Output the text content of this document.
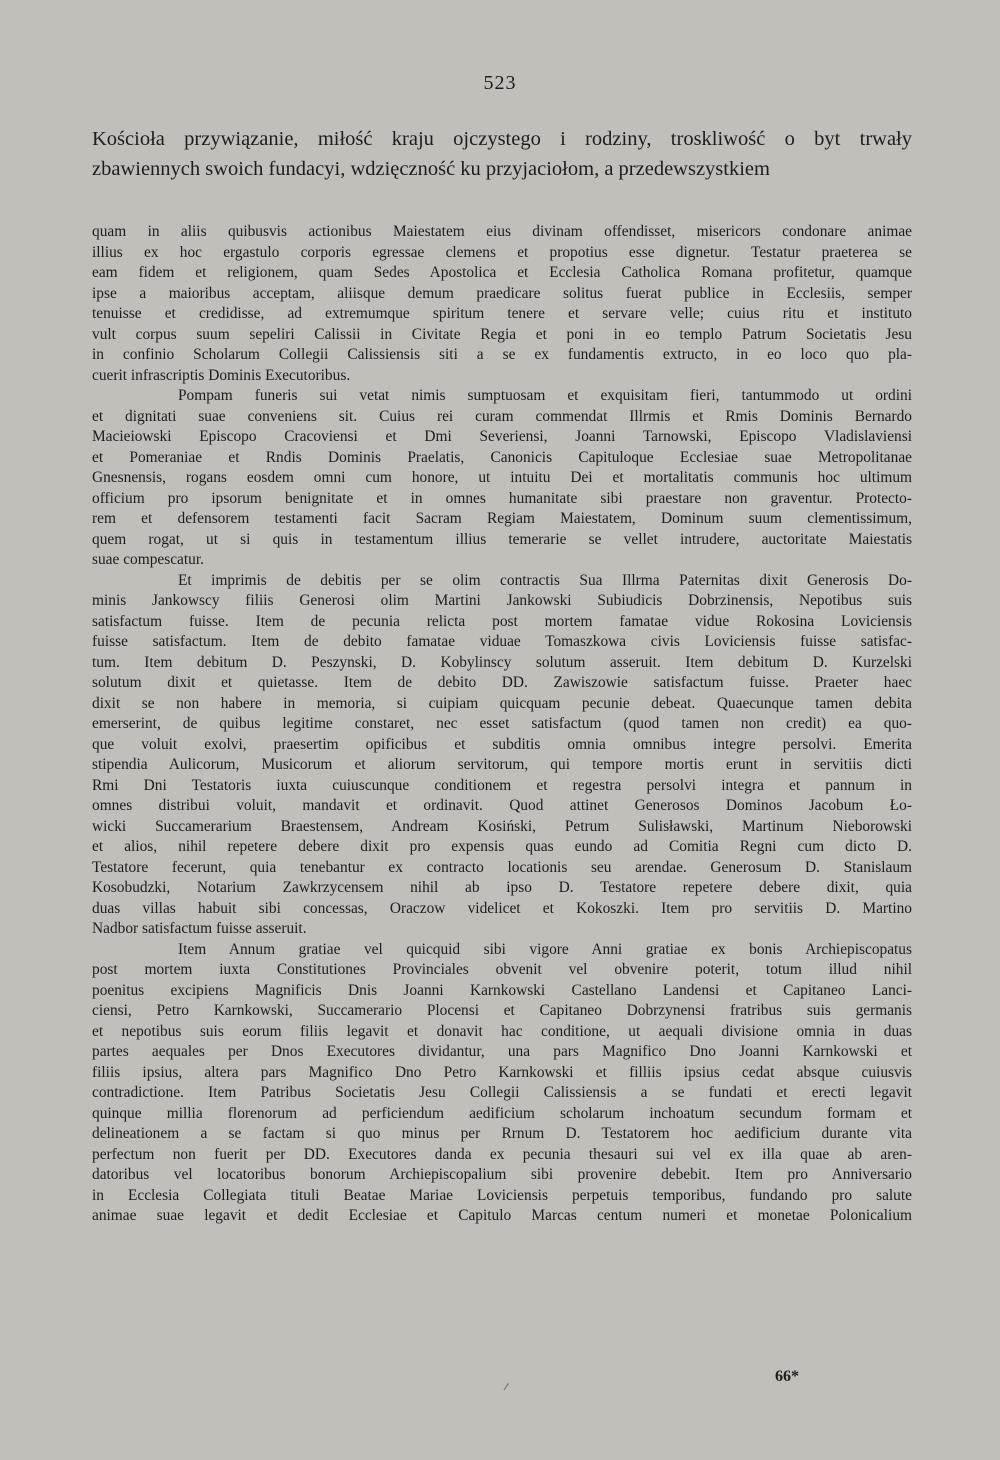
523
Kościoła przywiązanie, miłość kraju ojczystego i rodziny, troskliwość o byt trwały
zbawiennych swoich fundacyi, wdzięczność ku przyjaciołom, a przedewszystkiem
quam in aliis quibusvis actionibus Maiestatem eius divinam offendisset, misericors condonare animae
illius ex hoc ergastulo corporis egressae clemens et propotius esse dignetur. Testatur praeterea se
eam fidem et religionem, quam Sedes Apostolica et Ecclesia Catholica Romana profitetur, quamque
ipse a maioribus acceptam, aliisque demum praedicare solitus fuerat publice in Ecclesiis, semper
tenuisse et credidisse, ad extremumque spiritum tenere et servare velle; cuius ritu et instituto
vult corpus suum sepeliri Calissii in Civitate Regia et poni in eo templo Patrum Societatis Jesu
in confinio Scholarum Collegii Calissiensis siti a se ex fundamentis extructo, in eo loco quo pla-
cuerit infrascriptis Dominis Executoribus.
Pompam funeris sui vetat nimis sumptuosam et exquisitam fieri, tantummodo ut ordini
et dignitati suae conveniens sit. Cuius rei curam commendat Illrmis et Rmis Dominis Bernardo
Macieiowski Episcopo Cracoviensi et Dmi Severiensi, Joanni Tarnowski, Episcopo Vladislaviensi
et Pomeraniae et Rndis Dominis Praelatis, Canonicis Capituloque Ecclesiae suae Metropolitanae
Gnesnensis, rogans eosdem omni cum honore, ut intuitu Dei et mortalitatis communis hoc ultimum
officium pro ipsorum benignitate et in omnes humanitate sibi praestare non graventur. Protecto-
rem et defensorem testamenti facit Sacram Regiam Maiestatem, Dominum suum clementissimum,
quem rogat, ut si quis in testamentum illius temerarie se vellet intrudere, auctoritate Maiestatis
suae compescatur.
Et imprimis de debitis per se olim contractis Sua Illrma Paternitas dixit Generosis Do-
minis Jankowscy filiis Generosi olim Martini Jankowski Subiudicis Dobrzinensis, Nepotibus suis
satisfactum fuisse. Item de pecunia relicta post mortem famatae vidue Rokosina Loviciensis
fuisse satisfactum. Item de debito famatae viduae Tomaszkowa civis Loviciensis fuisse satisfac-
tum. Item debitum D. Peszynski, D. Kobylinscy solutum asseruit. Item debitum D. Kurzelski
solutum dixit et quietasse. Item de debito DD. Zawiszowie satisfactum fuisse. Praeter haec
dixit se non habere in memoria, si cuipiam quicquam pecunie debeat. Quaecunque tamen debita
emerserint, de quibus legitime constaret, nec esset satisfactum (quod tamen non credit) ea quo-
que voluit exolvi, praesertim opificibus et subditis omnia omnibus integre persolvi. Emerita
stipendia Aulicorum, Musicorum et aliorum servitorum, qui tempore mortis erunt in servitiis dicti
Rmi Dni Testatoris iuxta cuiuscunque conditionem et regestra persolvi integra et pannum in
omnes distribui voluit, mandavit et ordinavit. Quod attinet Generosos Dominos Jacobum Ło-
wicki Succamerarium Braestensem, Andream Kosiński, Petrum Sulisławski, Martinum Nieborowski
et alios, nihil repetere debere dixit pro expensis quas eundo ad Comitia Regni cum dicto D.
Testatore fecerunt, quia tenebantur ex contracto locationis seu arendae. Generosum D. Stanislaum
Kosobudzki, Notarium Zawkrzycensem nihil ab ipso D. Testatore repetere debere dixit, quia
duas villas habuit sibi concessas, Oraczow videlicet et Kokoszki. Item pro servitiis D. Martino
Nadbor satisfactum fuisse asseruit.
Item Annum gratiae vel quicquid sibi vigore Anni gratiae ex bonis Archiepiscopatus
post mortem iuxta Constitutiones Provinciales obvenit vel obvenire poterit, totum illud nihil
poenitus excipiens Magnificis Dnis Joanni Karnkowski Castellano Landensi et Capitaneo Lanci-
ciensi, Petro Karnkowski, Succamerario Plocensi et Capitaneo Dobrzynensi fratribus suis germanis
et nepotibus suis eorum filiis legavit et donavit hac conditione, ut aequali divisione omnia in duas
partes aequales per Dnos Executores dividantur, una pars Magnifico Dno Joanni Karnkowski et
filiis ipsius, altera pars Magnifico Dno Petro Karnkowski et filliis ipsius cedat absque cuiusvis
contradictione. Item Patribus Societatis Jesu Collegii Calissiensis a se fundati et erecti legavit
quinque millia florenorum ad perficiendum aedificium scholarum inchoatum secundum formam et
delineationem a se factam si quo minus per Rrnum D. Testatorem hoc aedificium durante vita
perfectum non fuerit per DD. Executores danda ex pecunia thesauri sui vel ex illa quae ab aren-
datoribus vel locatoribus bonorum Archiepiscopalium sibi provenire debebit. Item pro Anniversario
in Ecclesia Collegiata tituli Beatae Mariae Loviciensis perpetuis temporibus, fundando pro salute
animae suae legavit et dedit Ecclesiae et Capitulo Marcas centum numeri et monetae Polonicalium
66*
